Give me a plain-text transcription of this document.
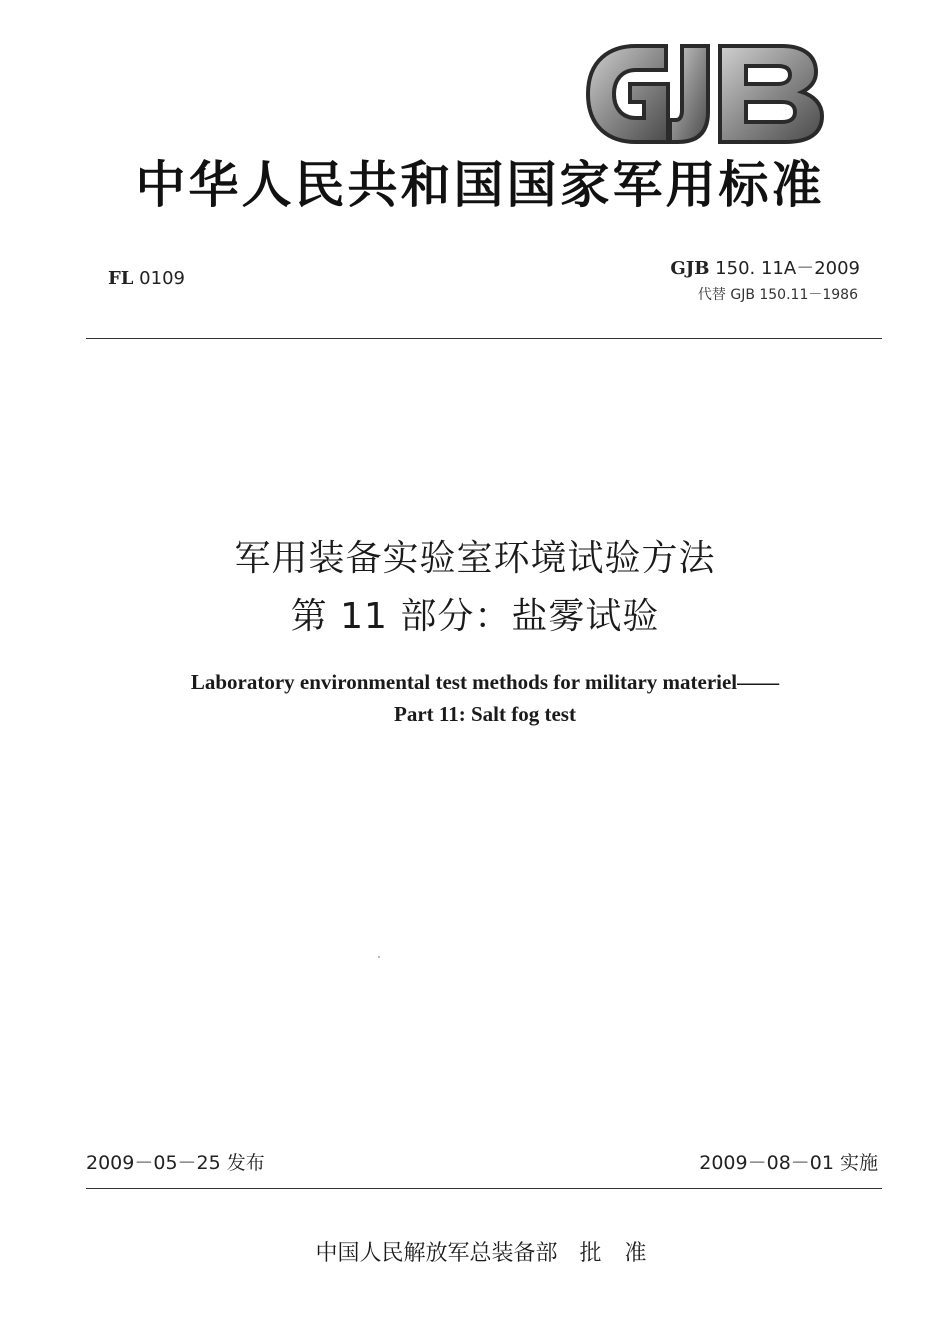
中华人民共和国国家军用标准
FL 0109	GJB 150. 11A－2009
代替 GJB 150.11－1986
军用装备实验室环境试验方法
第 11 部分：盐雾试验
Laboratory environmental test methods for military materiel——
Part 11: Salt fog test
2009－05－25 发布	2009－08－01 实施
中国人民解放军总装备部 批 准
